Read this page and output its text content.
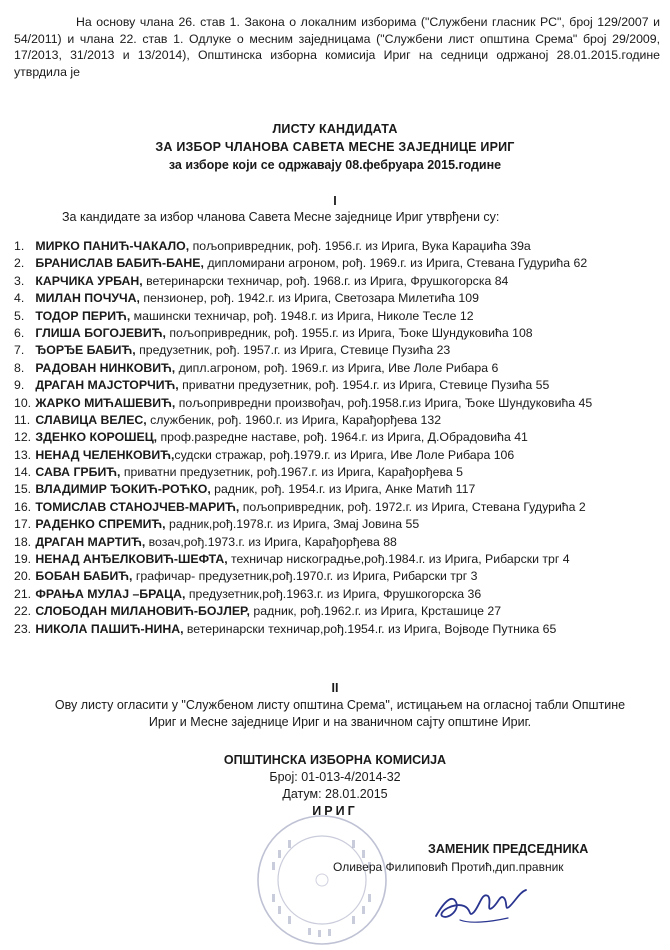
На основу члана 26. став 1. Закона о локалним изборима ("Службени гласник РС", број 129/2007 и 54/2011) и члана 22. став 1. Одлуке о месним заједницама ("Службени лист општина Срема" број 29/2009, 17/2013, 31/2013 и 13/2014), Општинска изборна комисија Ириг на седници одржаној 28.01.2015.године утврдила је

ЛИСТУ КАНДИДАТА
ЗА ИЗБОР ЧЛАНОВА САВЕТА МЕСНЕ ЗАЈЕДНИЦЕ ИРИГ
за изборе који се одржавају 08.фебруара 2015.године
I
За кандидате за избор чланова Савета Месне заједнице Ириг утврђени су:
1. МИРКО ПАНИЋ-ЧАКАЛО, пољопривредник, рођ. 1956.г. из Ирига, Вука Караџића 39а
2. БРАНИСЛАВ БАБИЋ-БАНЕ, дипломирани агроном, рођ. 1969.г. из Ирига, Стевана Гудурића 62
3. КАРЧИКА УРБАН, ветеринарски техничар, рођ. 1968.г. из Ирига, Фрушкогорска 84
4. МИЛАН ПОЧУЧА, пензионер, рођ. 1942.г. из Ирига, Светозара Милетића 109
5. ТОДОР ПЕРИЋ, машински техничар, рођ. 1948.г. из Ирига, Николе Тесле 12
6. ГЛИША БОГОЈЕВИЋ, пољопривредник, рођ. 1955.г. из Ирига, Ђоке Шундуковића 108
7. ЂОРЂЕ БАБИЋ, предузетник, рођ. 1957.г. из Ирига, Стевице Пузића 23
8. РАДОВАН НИНКОВИЋ, дипл.агроном, рођ. 1969.г. из Ирига, Иве Лоле Рибара 6
9. ДРАГАН МАЈСТОРЧИЋ, приватни предузетник, рођ. 1954.г. из Ирига, Стевице Пузића 55
10. ЖАРКО МИЋАШЕВИЋ, пољопривредни произвођач, рођ.1958.г.из Ирига, Ђоке Шундуковића 45
11. СЛАВИЦА ВЕЛЕС, службеник, рођ. 1960.г. из Ирига, Карађорђева 132
12. ЗДЕНКО КОРОШЕЦ, проф.разредне наставе, рођ. 1964.г. из Ирига, Д.Обрадовића 41
13. НЕНАД ЧЕЛЕНКОВИЋ,судски стражар, рођ.1979.г. из Ирига, Иве Лоле Рибара 106
14. САВА ГРБИЋ, приватни предузетник, рођ.1967.г. из Ирига, Карађорђева 5
15. ВЛАДИМИР ЂОКИЋ-РОЋКО, радник, рођ. 1954.г. из Ирига, Анке Матић 117
16. ТОМИСЛАВ СТАНОЈЧЕВ-МАРИЋ, пољопривредник, рођ. 1972.г. из Ирига, Стевана Гудурића 2
17. РАДЕНКО СПРЕМИЋ, радник,рођ.1978.г. из Ирига, Змај Јовина 55
18. ДРАГАН МАРТИЋ, возач,рођ.1973.г. из Ирига, Карађорђева 88
19. НЕНАД АНЂЕЛКОВИЋ-ШЕФТА, техничар нискоградње,рођ.1984.г. из Ирига, Рибарски трг 4
20. БОБАН БАБИЋ, графичар- предузетник,рођ.1970.г. из Ирига, Рибарски трг 3
21. ФРАЊА МУЛАЈ –БРАЦА, предузетник,рођ.1963.г. из Ирига, Фрушкогорска 36
22. СЛОБОДАН МИЛАНОВИЋ-БОЈЛЕР, радник, рођ.1962.г. из Ирига, Крсташице 27
23. НИКОЛА ПАШИЋ-НИНА, ветеринарски техничар,рођ.1954.г. из Ирига, Војводе Путника 65
II
Ову листу огласити у "Службеном листу општина Срема", истицањем на огласној табли Општине Ириг и Месне заједнице Ириг и на званичном сајту општине Ириг.
ОПШТИНСКА ИЗБОРНА КОМИСИЈА
Број: 01-013-4/2014-32
Датум: 28.01.2015
ИРИГ
ЗАМЕНИК ПРЕДСЕДНИКА
Оливера Филиповић Протић,дип.правник
